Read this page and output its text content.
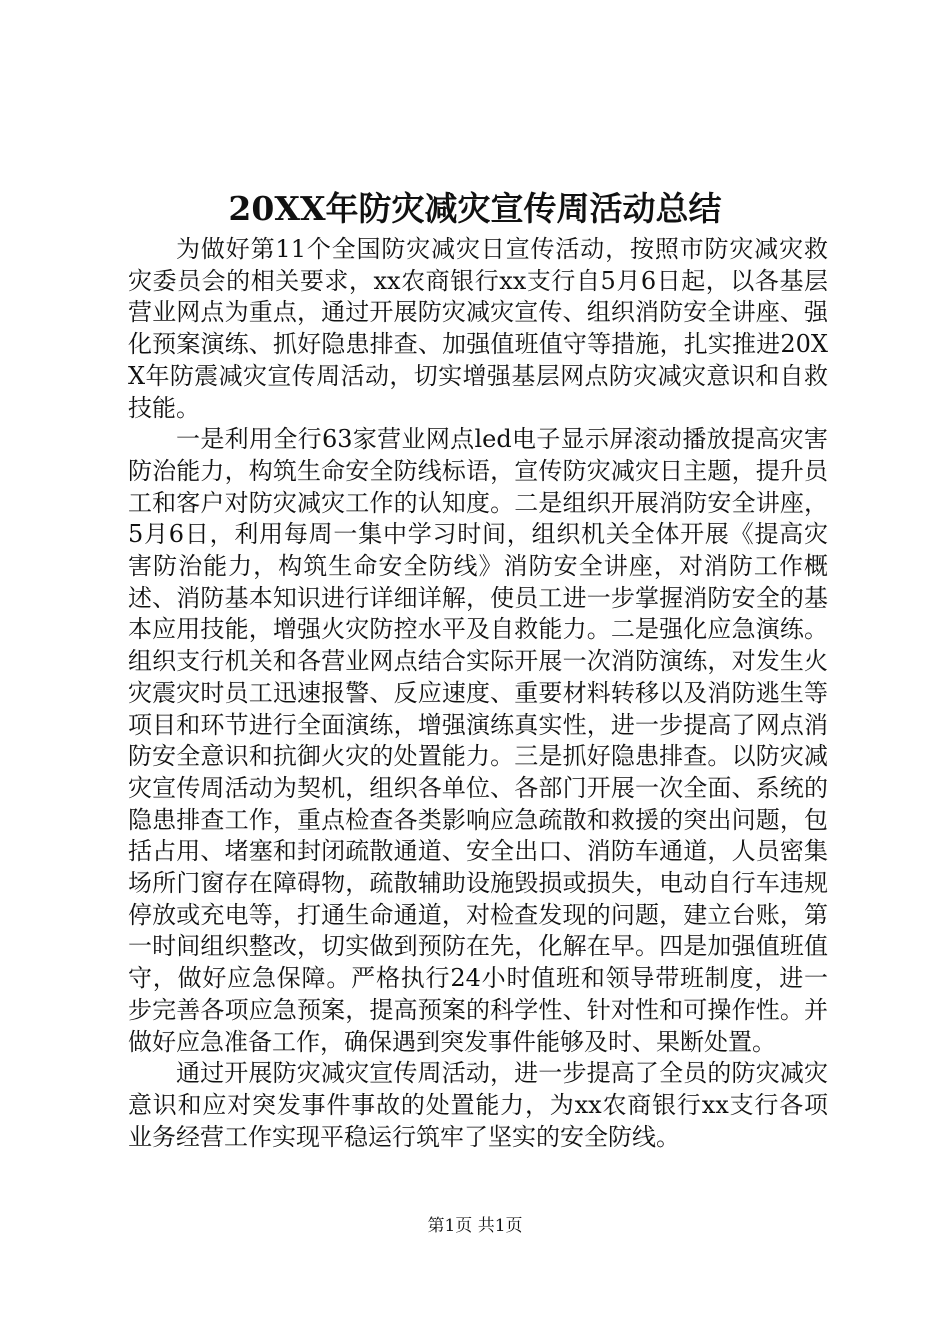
20XX年防灾减灾宣传周活动总结

为做好第11个全国防灾减灾日宣传活动，按照市防灾减灾救灾委员会的相关要求，xx农商银行xx支行自5月6日起，以各基层营业网点为重点，通过开展防灾减灾宣传、组织消防安全讲座、强化预案演练、抓好隐患排查、加强值班值守等措施，扎实推进20XX年防震减灾宣传周活动，切实增强基层网点防灾减灾意识和自救技能。

一是利用全行63家营业网点led电子显示屏滚动播放提高灾害防治能力，构筑生命安全防线标语，宣传防灾减灾日主题，提升员工和客户对防灾减灾工作的认知度。二是组织开展消防安全讲座，5月6日，利用每周一集中学习时间，组织机关全体开展《提高灾害防治能力，构筑生命安全防线》消防安全讲座，对消防工作概述、消防基本知识进行详细详解，使员工进一步掌握消防安全的基本应用技能，增强火灾防控水平及自救能力。二是强化应急演练。组织支行机关和各营业网点结合实际开展一次消防演练，对发生火灾震灾时员工迅速报警、反应速度、重要材料转移以及消防逃生等项目和环节进行全面演练，增强演练真实性，进一步提高了网点消防安全意识和抗御火灾的处置能力。三是抓好隐患排查。以防灾减灾宣传周活动为契机，组织各单位、各部门开展一次全面、系统的隐患排查工作，重点检查各类影响应急疏散和救援的突出问题，包括占用、堵塞和封闭疏散通道、安全出口、消防车通道，人员密集场所门窗存在障碍物，疏散辅助设施毁损或损失，电动自行车违规停放或充电等，打通生命通道，对检查发现的问题，建立台账，第一时间组织整改，切实做到预防在先，化解在早。四是加强值班值守，做好应急保障。严格执行24小时值班和领导带班制度，进一步完善各项应急预案，提高预案的科学性、针对性和可操作性。并做好应急准备工作，确保遇到突发事件能够及时、果断处置。

通过开展防灾减灾宣传周活动，进一步提高了全员的防灾减灾意识和应对突发事件事故的处置能力，为xx农商银行xx支行各项业务经营工作实现平稳运行筑牢了坚实的安全防线。

第1页 共1页
